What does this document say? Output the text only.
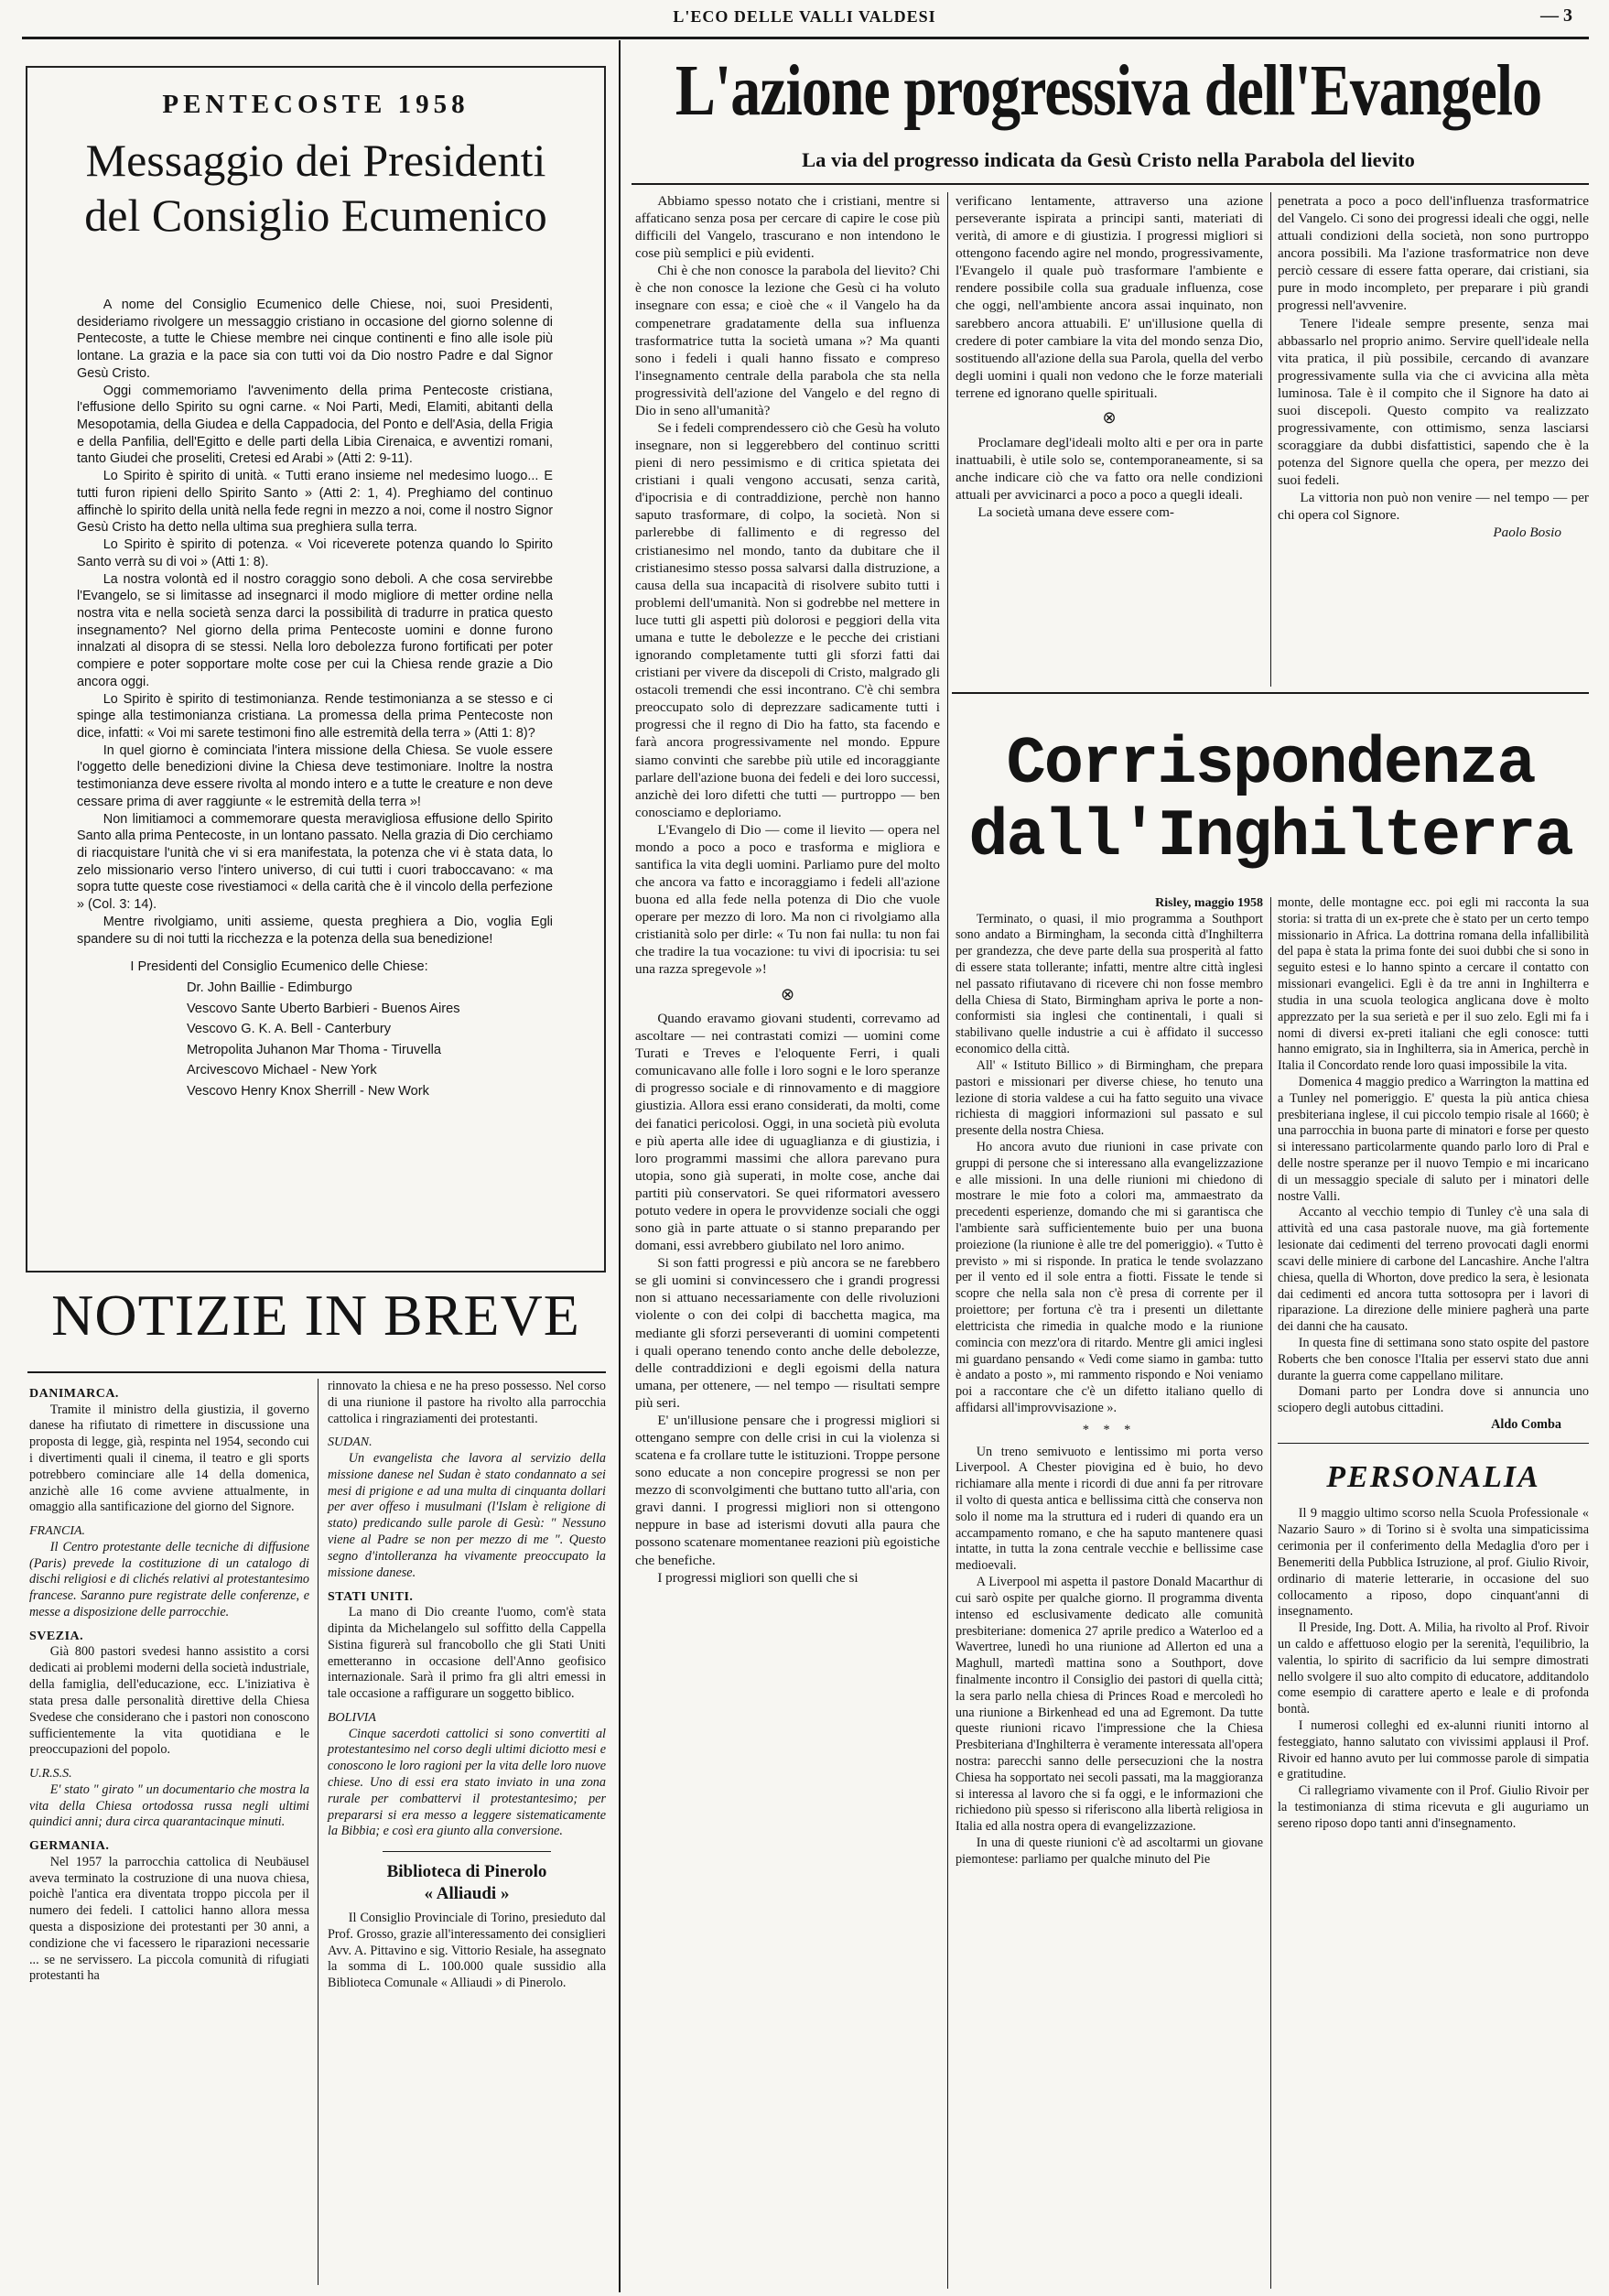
L'ECO DELLE VALLI VALDESI	— 3
PENTECOSTE 1958
Messaggio dei Presidenti
del Consiglio Ecumenico

A nome del Consiglio Ecumenico delle Chiese, noi, suoi Presidenti, desideriamo rivolgere un messaggio cristiano in occasione del giorno solenne di Pentecoste, a tutte le Chiese membre nei cinque continenti e fino alle isole più lontane. La grazia e la pace sia con tutti voi da Dio nostro Padre e dal Signor Gesù Cristo.

Oggi commemoriamo l'avvenimento della prima Pentecoste cristiana, l'effusione dello Spirito su ogni carne. « Noi Parti, Medi, Elamiti, abitanti della Mesopotamia, della Giudea e della Cappadocia, del Ponto e dell'Asia, della Frigia e della Panfilia, dell'Egitto e delle parti della Libia Cirenaica, e avventizi romani, tanto Giudei che proseliti, Cretesi ed Arabi » (Atti 2: 9-11).

Lo Spirito è spirito di unità. « Tutti erano insieme nel medesimo luogo... E tutti furon ripieni dello Spirito Santo » (Atti 2: 1, 4). Preghiamo del continuo affinchè lo spirito della unità nella fede regni in mezzo a noi, come il nostro Signor Gesù Cristo ha detto nella ultima sua preghiera sulla terra.

Lo Spirito è spirito di potenza. « Voi riceverete potenza quando lo Spirito Santo verrà su di voi » (Atti 1: 8).

La nostra volontà ed il nostro coraggio sono deboli. A che cosa servirebbe l'Evangelo, se si limitasse ad insegnarci il modo migliore di metter ordine nella nostra vita e nella società senza darci la possibilità di tradurre in pratica questo insegnamento? Nel giorno della prima Pentecoste uomini e donne furono innalzati al disopra di se stessi. Nella loro debolezza furono fortificati per poter compiere e poter sopportare molte cose per cui la Chiesa rende grazie a Dio ancora oggi.

Lo Spirito è spirito di testimonianza. Rende testimonianza a se stesso e ci spinge alla testimonianza cristiana. La promessa della prima Pentecoste non dice, infatti: « Voi mi sarete testimoni fino alle estremità della terra » (Atti 1: 8)?

In quel giorno è cominciata l'intera missione della Chiesa. Se vuole essere l'oggetto delle benedizioni divine la Chiesa deve testimoniare. Inoltre la nostra testimonianza deve essere rivolta al mondo intero e a tutte le creature e non deve cessare prima di aver raggiunte « le estremità della terra »!

Non limitiamoci a commemorare questa meravigliosa effusione dello Spirito Santo alla prima Pentecoste, in un lontano passato. Nella grazia di Dio cerchiamo di riacquistare l'unità che vi si era manifestata, la potenza che vi è stata data, lo zelo missionario verso l'intero universo, di cui tutti i cuori traboccavano: « ma sopra tutte queste cose rivestiamoci « della carità che è il vincolo della perfezione » (Col. 3: 14).

Mentre rivolgiamo, uniti assieme, questa preghiera a Dio, voglia Egli spandere su di noi tutti la ricchezza e la potenza della sua benedizione!

I Presidenti del Consiglio Ecumenico delle Chiese:
Dr. John Baillie - Edimburgo
Vescovo Sante Uberto Barbieri - Buenos Aires
Vescovo G. K. A. Bell - Canterbury
Metropolita Juhanon Mar Thoma - Tiruvella
Arcivescovo Michael - New York
Vescovo Henry Knox Sherrill - New Work
NOTIZIE IN BREVE
DANIMARCA.

Tramite il ministro della giustizia, il governo danese ha rifiutato di rimettere in discussione una proposta di legge, già, respinta nel 1954, secondo cui i divertimenti quali il cinema, il teatro e gli sports potrebbero cominciare alle 14 della domenica, anzichè alle 16 come avviene attualmente, in omaggio alla santificazione del giorno del Signore.

FRANCIA.

Il Centro protestante delle tecniche di diffusione (Paris) prevede la costituzione di un catalogo di dischi religiosi e di clichés relativi al protestantesimo francese. Saranno pure registrate delle conferenze, e messe a disposizione delle parrocchie.

SVEZIA.

Già 800 pastori svedesi hanno assistito a corsi dedicati ai problemi moderni della società industriale, della famiglia, dell'educazione, ecc. L'iniziativa è stata presa dalle personalità direttive della Chiesa Svedese che considerano che i pastori non conoscono sufficientemente la vita quotidiana e le preoccupazioni del popolo.

U.R.S.S.

E' stato " girato " un documentario che mostra la vita della Chiesa ortodossa russa negli ultimi quindici anni; dura circa quarantacinque minuti.

GERMANIA.

Nel 1957 la parrocchia cattolica di Neubäusel aveva terminato la costruzione di una nuova chiesa, poichè l'antica era diventata troppo piccola per il numero dei fedeli. I cattolici hanno allora messa questa a disposizione dei protestanti per 30 anni, a condizione che vi facessero le riparazioni necessarie ... se ne servissero. La piccola comunità di rifugiati protestanti ha

rinnovato la chiesa e ne ha preso possesso. Nel corso di una riunione il pastore ha rivolto alla parrocchia cattolica i ringraziamenti dei protestanti.

SUDAN.

Un evangelista che lavora al servizio della missione danese nel Sudan è stato condannato a sei mesi di prigione e ad una multa di cinquanta dollari per aver offeso i musulmani (l'Islam è religione di stato) predicando sulle parole di Gesù: " Nessuno viene al Padre se non per mezzo di me ". Questo segno d'intolleranza ha vivamente preoccupato la missione danese.

STATI UNITI.

La mano di Dio creante l'uomo, com'è stata dipinta da Michelangelo sul soffitto della Cappella Sistina figurerà sul francobollo che gli Stati Uniti emetteranno in occasione dell'Anno geofisico internazionale. Sarà il primo fra gli altri emessi in tale occasione a raffigurare un soggetto biblico.

BOLIVIA

Cinque sacerdoti cattolici si sono convertiti al protestantesimo nel corso degli ultimi diciotto mesi e conoscono le loro ragioni per la vita delle loro nuove chiese. Uno di essi era stato inviato in una zona rurale per combattervi il protestantesimo; per prepararsi si era messo a leggere sistematicamente la Bibbia; e così era giunto alla conversione.

Biblioteca di Pinerolo
« Alliaudi »

Il Consiglio Provinciale di Torino, presieduto dal Prof. Grosso, grazie all'interessamento dei consiglieri Avv. A. Pittavino e sig. Vittorio Resiale, ha assegnato la somma di L. 100.000 quale sussidio alla Biblioteca Comunale « Alliaudi » di Pinerolo.

L'azione progressiva dell'Evangelo
La via del progresso indicata da Gesù Cristo nella Parabola del lievito

Abbiamo spesso notato che i cristiani, mentre si affaticano senza posa per cercare di capire le cose più difficili del Vangelo, trascurano e non intendono le cose più semplici e più evidenti.

Chi è che non conosce la parabola del lievito? Chi è che non conosce la lezione che Gesù ci ha voluto insegnare con essa; e cioè che « il Vangelo ha da compenetrare gradatamente della sua influenza trasformatrice tutta la società umana »? Ma quanti sono i fedeli i quali hanno fissato e compreso l'insegnamento centrale della parabola che sta nella progressività dell'azione del Vangelo e del regno di Dio in seno all'umanità?

Se i fedeli comprendessero ciò che Gesù ha voluto insegnare, non si leggerebbero del continuo scritti pieni di nero pessimismo e di critica spietata dei cristiani i quali vengono accusati, senza carità, d'ipocrisia e di contraddizione, perchè non hanno saputo trasformare, di colpo, la società. Non si parlerebbe di fallimento e di regresso del cristianesimo nel mondo, tanto da dubitare che il cristianesimo stesso possa salvarsi dalla distruzione, a causa della sua incapacità di risolvere subito tutti i problemi dell'umanità. Non si godrebbe nel mettere in luce tutti gli aspetti più dolorosi e peggiori della vita umana e tutte le debolezze e le pecche dei cristiani ignorando completamente tutti gli sforzi fatti dai cristiani per vivere da discepoli di Cristo, malgrado gli ostacoli tremendi che essi incontrano. C'è chi sembra preoccupato solo di deprezzare sadicamente tutti i progressi che il regno di Dio ha fatto, sta facendo e farà ancora progressivamente nel mondo. Eppure siamo convinti che sarebbe più utile ed incoraggiante parlare dell'azione buona dei fedeli e dei loro successi, anzichè dei loro difetti che tutti — purtroppo — ben conosciamo e deploriamo.

L'Evangelo di Dio — come il lievito — opera nel mondo a poco a poco e trasforma e migliora e santifica la vita degli uomini. Parliamo pure del molto che ancora va fatto e incoraggiamo i fedeli all'azione buona ed alla fede nella potenza di Dio che vuole operare per mezzo di loro. Ma non ci rivolgiamo alla cristianità solo per dirle: « Tu non fai nulla: tu non fai che tradire la tua vocazione: tu vivi di ipocrisia: tu sei una razza spregevole »!

⊗

Quando eravamo giovani studenti, correvamo ad ascoltare — nei contrastati comizi — uomini come Turati e Treves e l'eloquente Ferri, i quali comunicavano alle folle i loro sogni e le loro speranze di progresso sociale e di rinnovamento e di maggiore giustizia. Allora essi erano considerati, da molti, come dei fanatici pericolosi. Oggi, in una società più evoluta e più aperta alle idee di uguaglianza e di giustizia, i loro programmi massimi che allora parevano pura utopia, sono già superati, in molte cose, anche dai partiti più conservatori. Se quei riformatori avessero potuto vedere in opera le provvidenze sociali che oggi sono già in parte attuate o si stanno preparando per domani, essi avrebbero giubilato nel loro animo.

Si son fatti progressi e più ancora se ne farebbero se gli uomini si convincessero che i grandi progressi non si attuano necessariamente con delle rivoluzioni violente o con dei colpi di bacchetta magica, ma mediante gli sforzi perseveranti di uomini competenti i quali operano tenendo conto anche delle debolezze, delle contraddizioni e degli egoismi della natura umana, per ottenere, — nel tempo — risultati sempre più seri.

E' un'illusione pensare che i progressi migliori si ottengano sempre con delle crisi in cui la violenza si scatena e fa crollare tutte le istituzioni. Troppe persone sono educate a non concepire progressi se non per mezzo di sconvolgimenti che buttano tutto all'aria, con gravi danni. I progressi migliori non si ottengono neppure in base ad isterismi dovuti alla paura che possono scatenare momentanee reazioni più egoistiche che benefiche.

I progressi migliori son quelli che si

verificano lentamente, attraverso una azione perseverante ispirata a principi santi, materiati di verità, di amore e di giustizia. I progressi migliori si ottengono facendo agire nel mondo, progressivamente, l'Evangelo il quale può trasformare l'ambiente e rendere possibile colla sua graduale influenza, cose che oggi, nell'ambiente ancora assai inquinato, non sarebbero ancora attuabili. E' un'illusione quella di credere di poter cambiare la vita del mondo senza Dio, sostituendo all'azione della sua Parola, quella del verbo degli uomini i quali non vedono che le forze materiali terrene ed ignorano quelle spirituali.

⊗

Proclamare degl'ideali molto alti e per ora in parte inattuabili, è utile solo se, contemporaneamente, si sa anche indicare ciò che va fatto ora nelle condizioni attuali per avvicinarci a poco a poco a quegli ideali.

La società umana deve essere com-

penetrata a poco a poco dell'influenza trasformatrice del Vangelo. Ci sono dei progressi ideali che oggi, nelle attuali condizioni della società, non sono purtroppo ancora possibili. Ma l'azione trasformatrice non deve perciò cessare di essere fatta operare, dai cristiani, sia pure in modo incompleto, per preparare i più grandi progressi nell'avvenire.

Tenere l'ideale sempre presente, senza mai abbassarlo nel proprio animo. Servire quell'ideale nella vita pratica, il più possibile, cercando di avanzare progressivamente sulla via che ci avvicina alla mèta luminosa. Tale è il compito che il Signore ha dato ai suoi discepoli. Questo compito va realizzato progressivamente, con ottimismo, senza lasciarsi scoraggiare da dubbi disfattistici, sapendo che è la potenza del Signore quella che opera, per mezzo dei suoi fedeli.

La vittoria non può non venire — nel tempo — per chi opera col Signore.

Paolo Bosio
Corrispondenza
dall'Inghilterra
Risley, maggio 1958

Terminato, o quasi, il mio programma a Southport sono andato a Birmingham, la seconda città d'Inghilterra per grandezza, che deve parte della sua prosperità al fatto di essere stata tollerante; infatti, mentre altre città inglesi nel passato rifiutavano di ricevere chi non fosse membro della Chiesa di Stato, Birmingham apriva le porte a non-conformisti sia inglesi che continentali, i quali si stabilivano quelle industrie a cui è affidato il successo economico della città.

All' « Istituto Billico » di Birmingham, che prepara pastori e missionari per diverse chiese, ho tenuto una lezione di storia valdese a cui ha fatto seguito una vivace richiesta di maggiori informazioni sul passato e sul presente della nostra Chiesa.

Ho ancora avuto due riunioni in case private con gruppi di persone che si interessano alla evangelizzazione e alle missioni. In una delle riunioni mi chiedono di mostrare le mie foto a colori ma, ammaestrato da precedenti esperienze, domando che mi si garantisca che l'ambiente sarà sufficientemente buio per una buona proiezione (la riunione è alle tre del pomeriggio). « Tutto è previsto » mi si risponde. In pratica le tende svolazzano per il vento ed il sole entra a fiotti. Fissate le tende si scopre che nella sala non c'è presa di corrente per il proiettore; per fortuna c'è tra i presenti un dilettante elettricista che rimedia in qualche modo e la riunione comincia con mezz'ora di ritardo. Mentre gli amici inglesi mi guardano pensando « Vedi come siamo in gamba: tutto è andato a posto », mi rammento rispondo e Noi veniamo poi a raccontare che c'è un difetto italiano quello di affidarsi all'improvvisazione ».

* * *

Un treno semivuoto e lentissimo mi porta verso Liverpool. A Chester piovigina ed è buio, ho devo richiamare alla mente i ricordi di due anni fa per ritrovare il volto di questa antica e bellissima città che conserva non solo il nome ma la struttura ed i ruderi di quando era un accampamento romano, e che ha saputo mantenere quasi intatte, in tutta la zona centrale vecchie e bellissime case medioevali.

A Liverpool mi aspetta il pastore Donald Macarthur di cui sarò ospite per qualche giorno. Il programma diventa intenso ed esclusivamente dedicato alle comunità presbiteriane: domenica 27 aprile predico a Waterloo ed a Wavertree, lunedì ho una riunione ad Allerton ed una a Maghull, martedì mattina sono a Southport, dove finalmente incontro il Consiglio dei pastori di quella città; la sera parlo nella chiesa di Princes Road e mercoledì ho una riunione a Birkenhead ed una ad Egremont. Da tutte queste riunioni ricavo l'impressione che la Chiesa Presbiteriana d'Inghilterra è veramente interessata all'opera nostra: parecchi sanno delle persecuzioni che la nostra Chiesa ha sopportato nei secoli passati, ma la maggioranza si interessa al lavoro che si fa oggi, e le informazioni che richiedono più spesso si riferiscono alla libertà religiosa in Italia ed alla nostra opera di evangelizzazione.

In una di queste riunioni c'è ad ascoltarmi un giovane piemontese: parliamo per qualche minuto del Pie

monte, delle montagne ecc. poi egli mi racconta la sua storia: si tratta di un ex-prete che è stato per un certo tempo missionario in Africa. La dottrina romana della infallibilità del papa è stata la prima fonte dei suoi dubbi che si sono in seguito estesi e lo hanno spinto a cercare il contatto con missionari evangelici. Egli è da tre anni in Inghilterra e studia in una scuola teologica anglicana dove è molto apprezzato per la sua serietà e per il suo zelo. Egli mi fa i nomi di diversi ex-preti italiani che egli conosce: tutti hanno emigrato, sia in Inghilterra, sia in America, perchè in Italia il Concordato rende loro quasi impossibile la vita.

Domenica 4 maggio predico a Warrington la mattina ed a Tunley nel pomeriggio. E' questa la più antica chiesa presbiteriana inglese, il cui piccolo tempio risale al 1660; è una parrocchia in buona parte di minatori e forse per questo si interessano particolarmente quando parlo loro di Pral e delle nostre speranze per il nuovo Tempio e mi incaricano di un messaggio speciale di saluto per i minatori delle nostre Valli.

Accanto al vecchio tempio di Tunley c'è una sala di attività ed una casa pastorale nuove, ma già fortemente lesionate dai cedimenti del terreno provocati dagli enormi scavi delle miniere di carbone del Lancashire. Anche l'altra chiesa, quella di Whorton, dove predico la sera, è lesionata dai cedimenti ed ancora tutta sottosopra per i lavori di riparazione. La direzione delle miniere pagherà una parte dei danni che ha causato.

In questa fine di settimana sono stato ospite del pastore Roberts che ben conosce l'Italia per esservi stato due anni durante la guerra come cappellano militare.

Domani parto per Londra dove si annuncia uno sciopero degli autobus cittadini.

Aldo Comba
PERSONALIA

Il 9 maggio ultimo scorso nella Scuola Professionale « Nazario Sauro » di Torino si è svolta una simpaticissima cerimonia per il conferimento della Medaglia d'oro per i Benemeriti della Pubblica Istruzione, al prof. Giulio Rivoir, ordinario di materie letterarie, in occasione del suo collocamento a riposo, dopo cinquant'anni di insegnamento.

Il Preside, Ing. Dott. A. Milia, ha rivolto al Prof. Rivoir un caldo e affettuoso elogio per la serenità, l'equilibrio, la valentia, lo spirito di sacrificio da lui sempre dimostrati nello svolgere il suo alto compito di educatore, additandolo come esempio di carattere aperto e leale e di profonda bontà.

I numerosi colleghi ed ex-alunni riuniti intorno al festeggiato, hanno salutato con vivissimi applausi il Prof. Rivoir ed hanno avuto per lui commosse parole di simpatia e gratitudine.

Ci rallegriamo vivamente con il Prof. Giulio Rivoir per la testimonianza di stima ricevuta e gli auguriamo un sereno riposo dopo tanti anni d'insegnamento.
